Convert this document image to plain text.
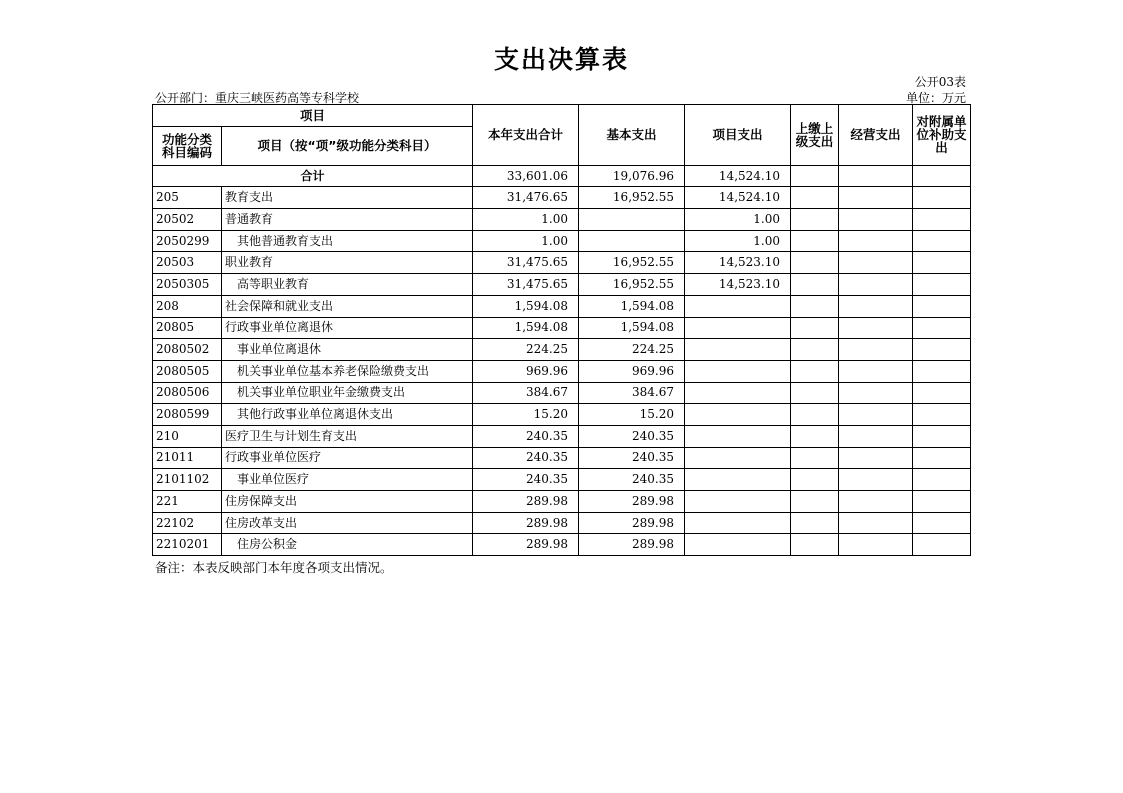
支出决算表
公开03表
公开部门：重庆三峡医药高等专科学校	单位：万元
项目		本年支出合计	基本支出	项目支出	上缴上级支出	经营支出	对附属单位补助支出
功能分类科目编码	项目（按“项”级功能分类科目）						
合计		33,601.06	19,076.96	14,524.10			
205	教育支出	31,476.65	16,952.55	14,524.10			
20502	普通教育	1.00		1.00			
2050299	　其他普通教育支出	1.00		1.00			
20503	职业教育	31,475.65	16,952.55	14,523.10			
2050305	　高等职业教育	31,475.65	16,952.55	14,523.10			
208	社会保障和就业支出	1,594.08	1,594.08				
20805	行政事业单位离退休	1,594.08	1,594.08				
2080502	　事业单位离退休	224.25	224.25				
2080505	　机关事业单位基本养老保险缴费支出	969.96	969.96				
2080506	　机关事业单位职业年金缴费支出	384.67	384.67				
2080599	　其他行政事业单位离退休支出	15.20	15.20				
210	医疗卫生与计划生育支出	240.35	240.35				
21011	行政事业单位医疗	240.35	240.35				
2101102	　事业单位医疗	240.35	240.35				
221	住房保障支出	289.98	289.98				
22102	住房改革支出	289.98	289.98				
2210201	　住房公积金	289.98	289.98				
备注：本表反映部门本年度各项支出情况。
